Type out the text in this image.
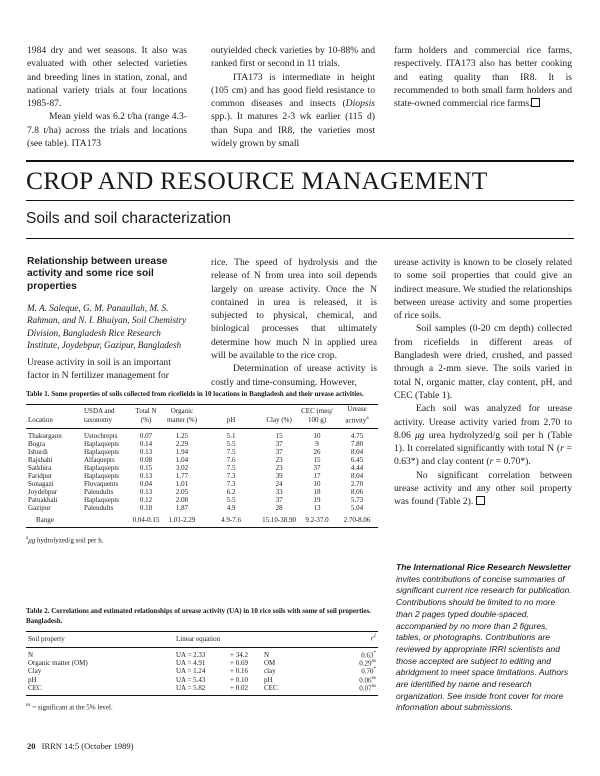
1984 dry and wet seasons. It also was evaluated with other selected varieties and breeding lines in station, zonal, and national variety trials at four locations 1985-87.

Mean yield was 6.2 t/ha (range 4.3-7.8 t/ha) across the trials and locations (see table). ITA173

outyielded check varieties by 10-88% and ranked first or second in 11 trials.

ITA173 is intermediate in height (105 cm) and has good field resistance to common diseases and insects (Diopsis spp.). It matures 2-3 wk earlier (115 d) than Supa and IR8, the varieties most widely grown by small

farm holders and commercial rice farms, respectively. ITA173 also has better cooking and eating quality than IR8. It is recommended to both small farm holders and state-owned commercial rice farms.

CROP AND RESOURCE MANAGEMENT
Soils and soil characterization
Relationship between urease activity and some rice soil properties
M. A. Saleque, G. M. Panaullah, M. S. Rahman, and N. I. Bhuiyan, Soil Chemistry Division, Bangladesh Rice Research Institute, Joydebpur, Gazipur, Bangladesh
Urease activity in soil is an important factor in N fertilizer management for

rice. The speed of hydrolysis and the release of N from urea into soil depends largely on urease activity. Once the N contained in urea is released, it is subjected to physical, chemical, and biological processes that ultimately determine how much N in applied urea will be available to the rice crop.

Determination of urease activity is costly and time-consuming. However,

urease activity is known to be closely related to some soil properties that could give an indirect measure. We studied the relationships between urease activity and some properties of rice soils.

Soil samples (0-20 cm depth) collected from ricefields in different areas of Bangladesh were dried, crushed, and passed through a 2-mm sieve. The soils varied in total N, organic matter, clay content, pH, and CEC (Table 1).

Each soil was analyzed for urease activity. Urease activity varied from 2.70 to 8.06 μg urea hydrolyzed/g soil per h (Table 1). It correlated significantly with total N (r = 0.63*) and clay content (r = 0.70*).

No significant correlation between urease activity and any other soil property was found (Table 2).

Table 1. Some properties of soils collected from ricefields in 10 locations in Bangladesh and their urease activities.
Location	USDA and taxonomy	Total N (%)	Organic matter (%)	pH	Clay (%)	CEC (meq/ 100 g)	Urease activity$^a$
Thakurgaon	Ustochrepts	0.07	1.25	5.1	15	10	4.75
Bogra	Haplaquepts	0.14	2.29	5.5	37	9	7.80
Ishurdi	Haplaquepts	0.13	1.94	7.5	37	26	8.04
Rajshahi	Alfaquepts	0.08	1.04	7.6	23	15	6.45
Satkhira	Haplaquepts	0.15	3.02	7.5	23	37	4.44
Faridpur	Haplaquepts	0.13	1.77	7.3	39	17	8.04
Sonagazi	Fluvaquents	0.04	1.01	7.3	24	10	2.70
Joydebpur	Paleudults	0.13	2.05	6.2	33	18	8.06
Patuakhali	Haplaquepts	0.12	2.08	5.5	37	19	5.73
Gazipur	Paleudults	0.10	1.87	4.9	28	13	5.04
Range		0.04-0.15	1.01-2.29	4.9-7.6	15.10-38.90	9.2-37.0	2.70-8.06
$^a$μg hydrolyzed/g soil per h.
Table 2. Correlations and estimated relationships of urease activity (UA) in 10 rice soils with some of soil properties. Bangladesh.
Soil property	Linear equation			$r^2$
N	UA = 2.33	+ 34.2	N	0.63*
Organic matter (OM)	UA = 4.91	+ 0.69	OM	$0.29^{ns}$
Clay	UA = 1.24	+ 0.16	clay	0.70*
pH	UA = 5.43	+ 0.10	pH	$0.06^{ns}$
CEC	UA = 5.82	+ 0.02	CEC	$0.07^{ns}$
$^{ns}$ = significant at the 5% level.
The International Rice Research Newsletter invites contributions of concise summaries of significant current rice research for publication. Contributions should be limited to no more than 2 pages typed double-spaced, accompanied by no more than 2 figures, tables, or photographs. Contributions are reviewed by appropriate IRRI scientists and those accepted are subject to editing and abridgment to meet space limitations. Authors are identified by name and research organization. See inside front cover for more information about submissions.
20 IRRN 14:5 (October 1989)
